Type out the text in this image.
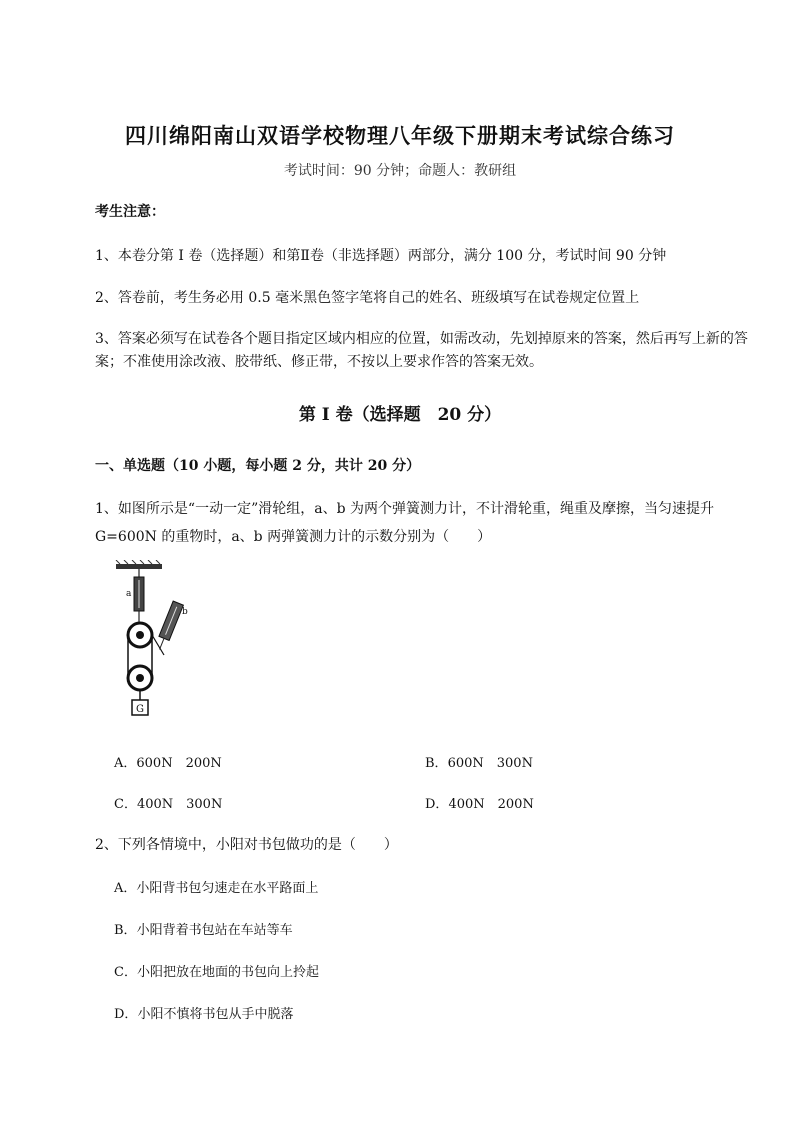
四川绵阳南山双语学校物理八年级下册期末考试综合练习
考试时间：90 分钟；命题人：教研组
考生注意：
1、本卷分第 I 卷（选择题）和第Ⅱ卷（非选择题）两部分，满分 100 分，考试时间 90 分钟
2、答卷前，考生务必用 0.5 毫米黑色签字笔将自己的姓名、班级填写在试卷规定位置上
3、答案必须写在试卷各个题目指定区域内相应的位置，如需改动，先划掉原来的答案，然后再写上新的答案；不准使用涂改液、胶带纸、修正带，不按以上要求作答的答案无效。
第 I 卷（选择题　20 分）
一、单选题（10 小题，每小题 2 分，共计 20 分）
1、如图所示是“一动一定”滑轮组，a、b 为两个弹簧测力计，不计滑轮重，绳重及摩擦，当匀速提升 G=600N 的重物时，a、b 两弹簧测力计的示数分别为（　　）
a
b
G
A．600N　200N	B．600N　300N
C．400N　300N	D．400N　200N
2、下列各情境中，小阳对书包做功的是（　　）
A．小阳背书包匀速走在水平路面上
B．小阳背着书包站在车站等车
C．小阳把放在地面的书包向上拎起
D．小阳不慎将书包从手中脱落
